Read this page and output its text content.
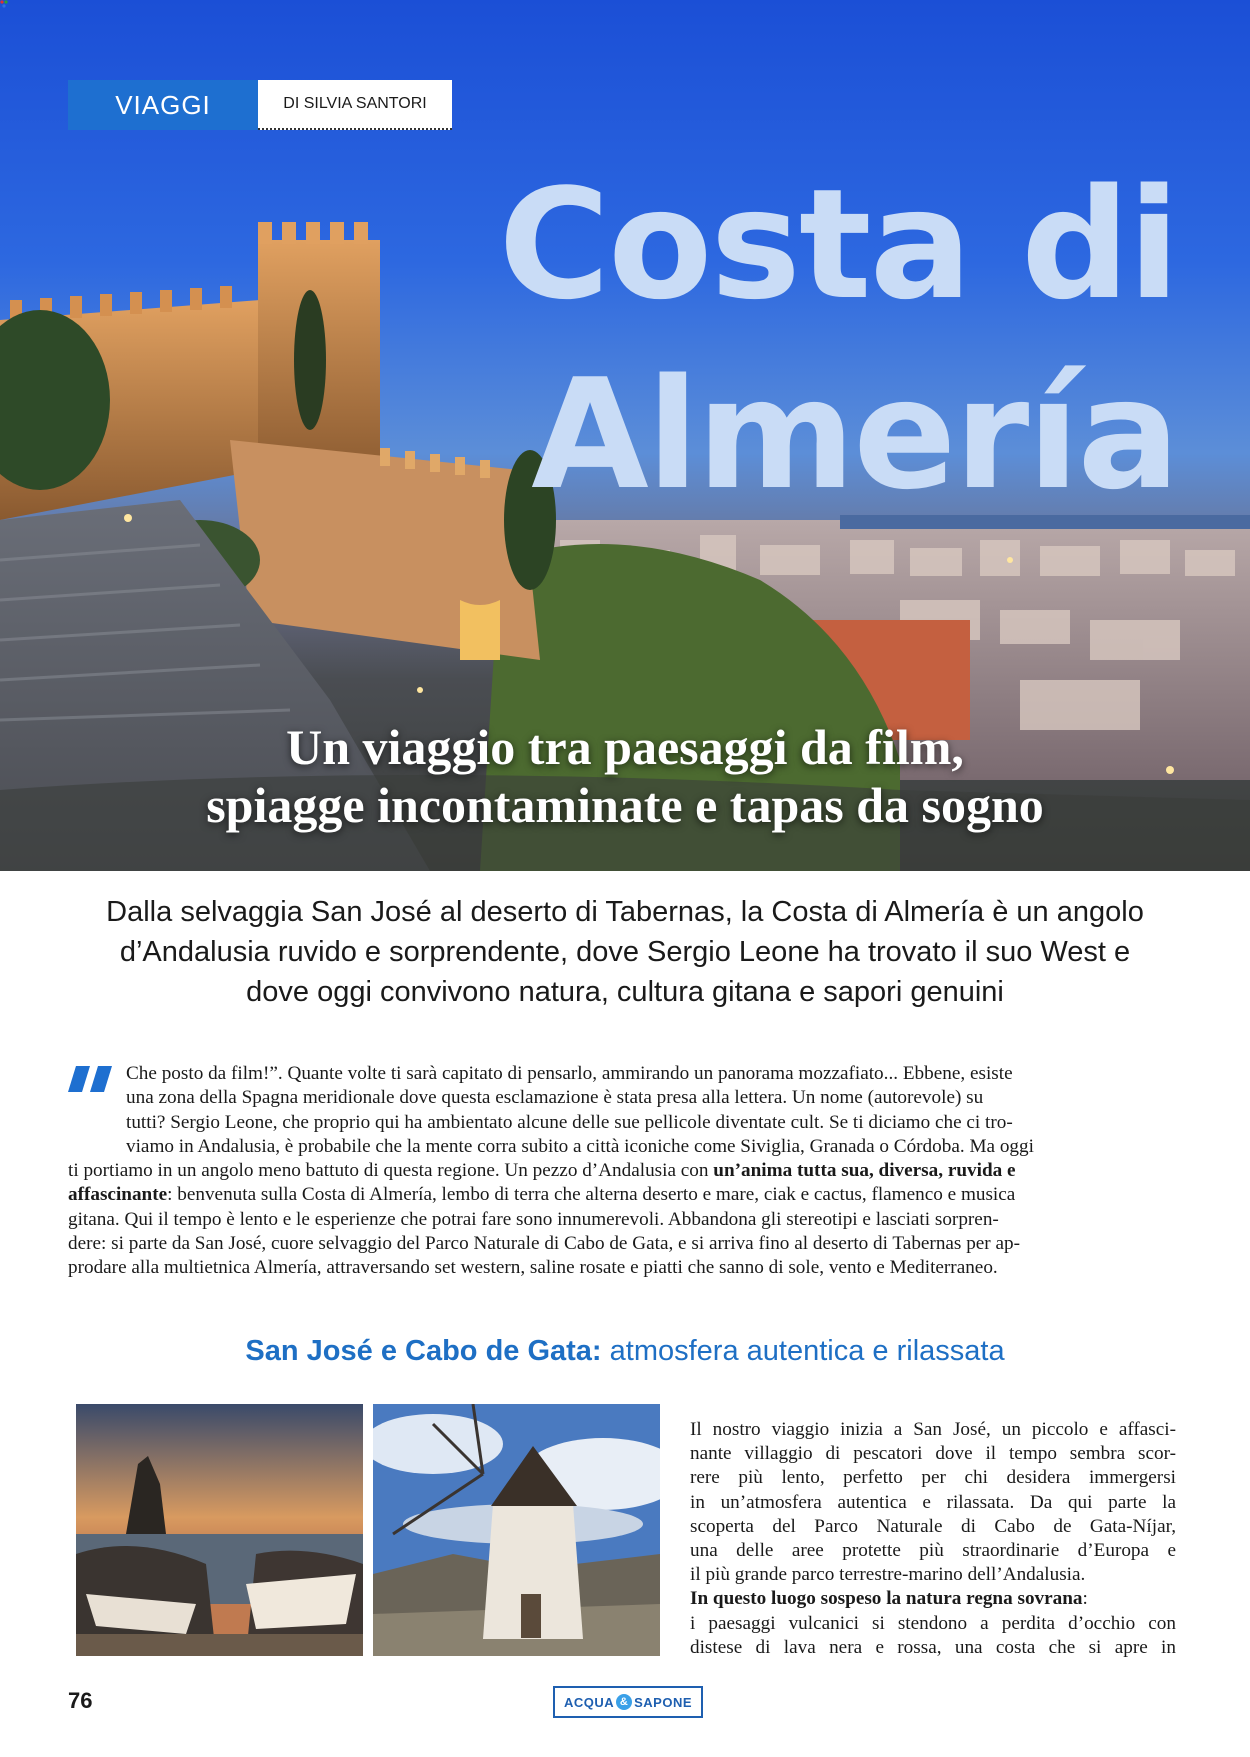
VIAGGI	DI SILVIA SANTORI
Costa di
Almería
Un viaggio tra paesaggi da film,
spiagge incontaminate e tapas da sogno
Dalla selvaggia San José al deserto di Tabernas, la Costa di Almería è un angolo
d’Andalusia ruvido e sorprendente, dove Sergio Leone ha trovato il suo West e
dove oggi convivono natura, cultura gitana e sapori genuini
Che posto da film!”. Quante volte ti sarà capitato di pensarlo, ammirando un panorama mozzafiato... Ebbene, esiste
una zona della Spagna meridionale dove questa esclamazione è stata presa alla lettera. Un nome (autorevole) su
tutti? Sergio Leone, che proprio qui ha ambientato alcune delle sue pellicole diventate cult. Se ti diciamo che ci tro-
viamo in Andalusia, è probabile che la mente corra subito a città iconiche come Siviglia, Granada o Córdoba. Ma oggi
ti portiamo in un angolo meno battuto di questa regione. Un pezzo d’Andalusia con un’anima tutta sua, diversa, ruvida e
affascinante: benvenuta sulla Costa di Almería, lembo di terra che alterna deserto e mare, ciak e cactus, flamenco e musica
gitana. Qui il tempo è lento e le esperienze che potrai fare sono innumerevoli. Abbandona gli stereotipi e lasciati sorpren-
dere: si parte da San José, cuore selvaggio del Parco Naturale di Cabo de Gata, e si arriva fino al deserto di Tabernas per ap-
prodare alla multietnica Almería, attraversando set western, saline rosate e piatti che sanno di sole, vento e Mediterraneo.
San José e Cabo de Gata: atmosfera autentica e rilassata
Il nostro viaggio inizia a San José, un piccolo e affasci-
nante villaggio di pescatori dove il tempo sembra scor-
rere più lento, perfetto per chi desidera immergersi
in un’atmosfera autentica e rilassata. Da qui parte la
scoperta del Parco Naturale di Cabo de Gata-Níjar,
una delle aree protette più straordinarie d’Europa e
il più grande parco terrestre-marino dell’Andalusia.
In questo luogo sospeso la natura regna sovrana:
i paesaggi vulcanici si stendono a perdita d’occhio con
distese di lava nera e rossa, una costa che si apre in
76	ACQUA & SAPONE
